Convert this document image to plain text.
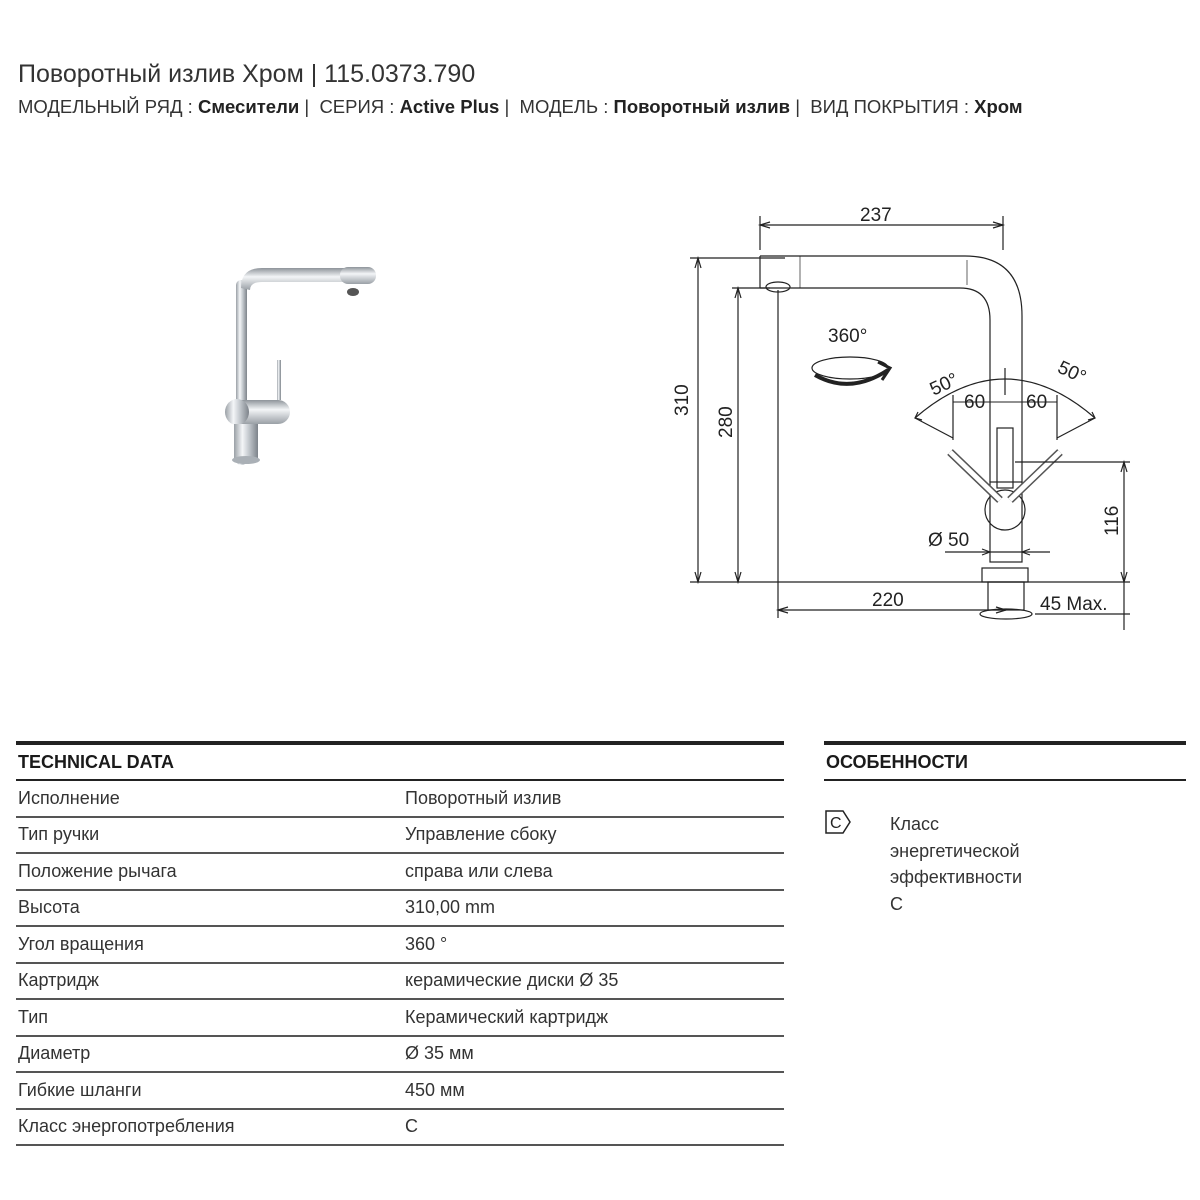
Поворотный излив Хром | 115.0373.790
МОДЕЛЬНЫЙ РЯД : Смесители |  СЕРИЯ : Active Plus |  МОДЕЛЬ : Поворотный излив |  ВИД ПОКРЫТИЯ : Хром
237
310
280
360°
50°	50°
60 60
116
Ø 50
220	45 Max.
TECHNICAL DATA
Исполнение	Поворотный излив
Тип ручки	Управление сбоку
Положение рычага	справа или слева
Высота	310,00 mm
Угол вращения	360 °
Картридж	керамические диски Ø 35
Тип	Керамический картридж
Диаметр	Ø 35 мм
Гибкие шланги	450 мм
Класс энергопотребления	C
ОСОБЕННОСТИ
C	Класс
энергетической
эффективности
C
